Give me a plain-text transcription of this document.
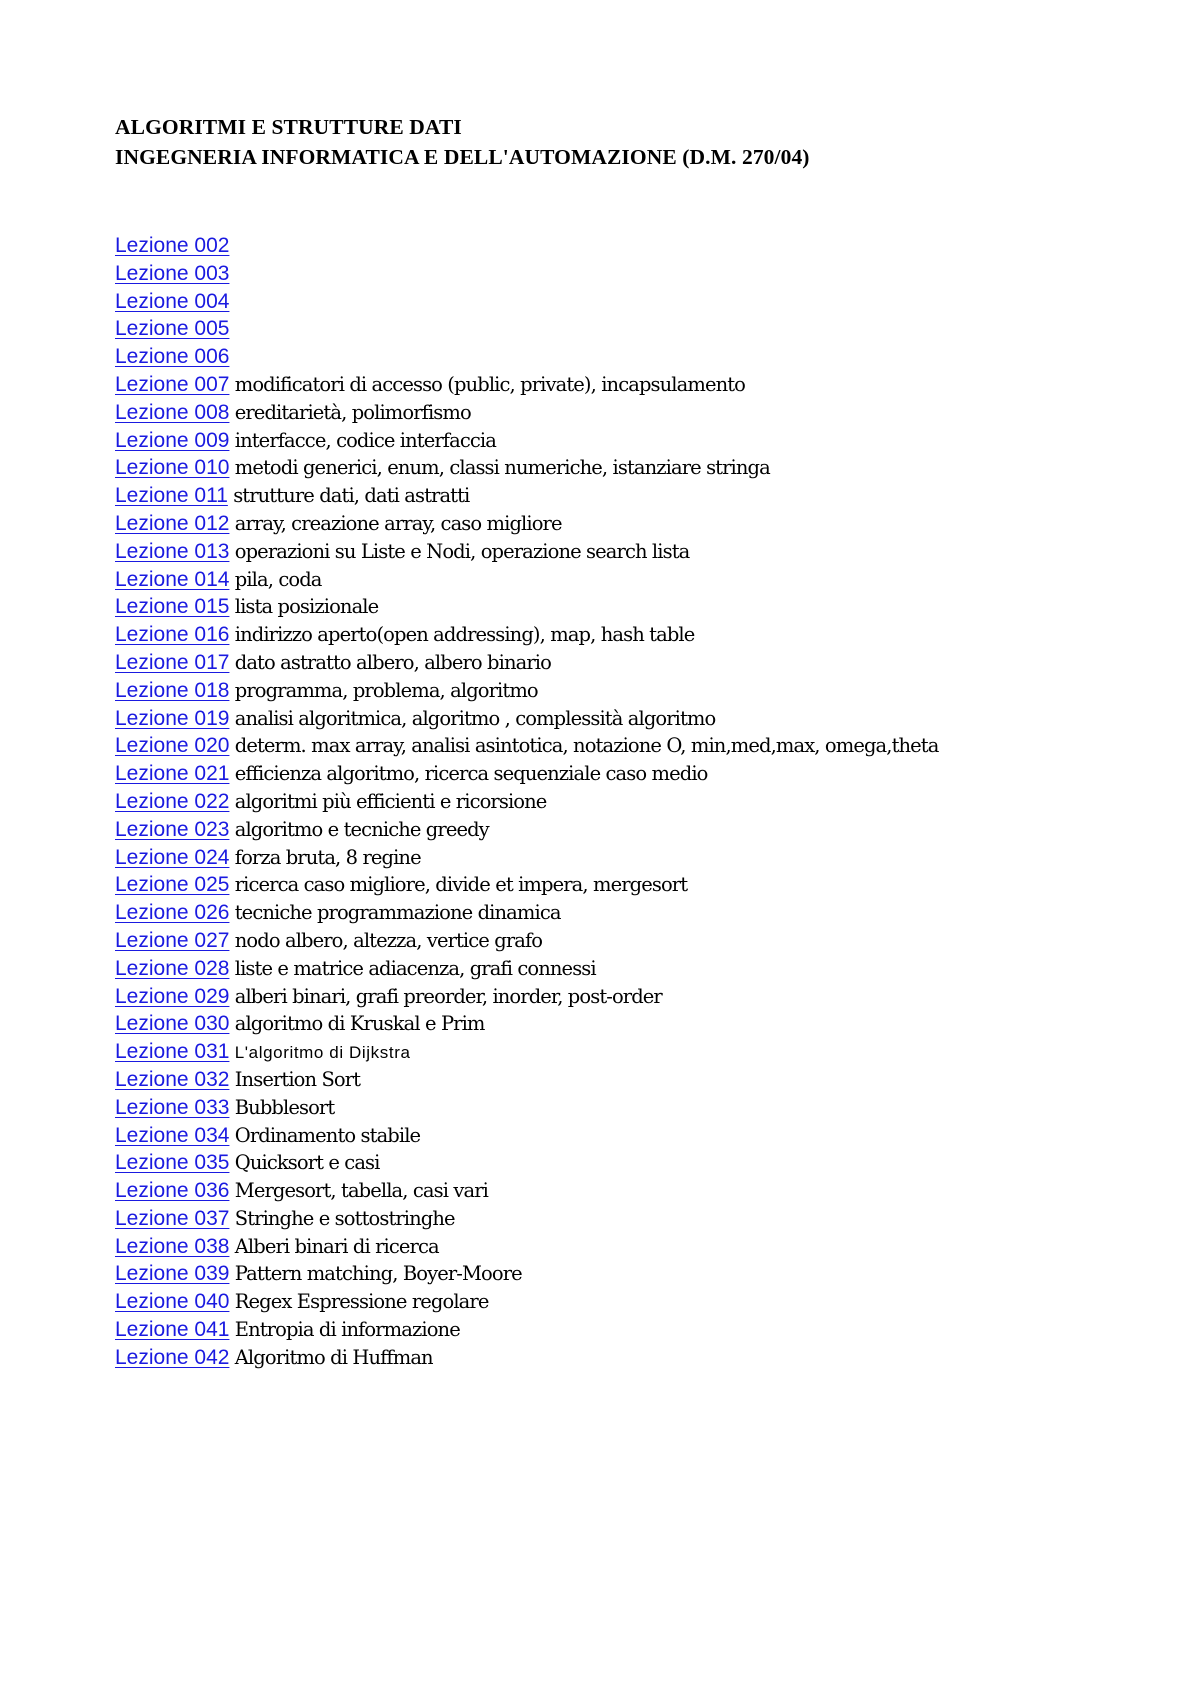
ALGORITMI E STRUTTURE DATI
INGEGNERIA INFORMATICA E DELL'AUTOMAZIONE (D.M. 270/04)
Lezione 002
Lezione 003
Lezione 004
Lezione 005
Lezione 006
Lezione 007 modificatori di accesso (public, private), incapsulamento
Lezione 008 ereditarietà, polimorfismo
Lezione 009 interfacce, codice interfaccia
Lezione 010 metodi generici, enum, classi numeriche, istanziare stringa
Lezione 011 strutture dati, dati astratti
Lezione 012 array, creazione array, caso migliore
Lezione 013 operazioni su Liste e Nodi, operazione search lista
Lezione 014 pila, coda
Lezione 015 lista posizionale
Lezione 016 indirizzo aperto(open addressing), map, hash table
Lezione 017 dato astratto albero, albero binario
Lezione 018 programma, problema, algoritmo
Lezione 019 analisi algoritmica, algoritmo , complessità algoritmo
Lezione 020 determ. max array, analisi asintotica, notazione O, min,med,max, omega,theta
Lezione 021 efficienza algoritmo, ricerca sequenziale caso medio
Lezione 022 algoritmi più efficienti e ricorsione
Lezione 023 algoritmo e tecniche greedy
Lezione 024 forza bruta, 8 regine
Lezione 025 ricerca caso migliore, divide et impera, mergesort
Lezione 026 tecniche programmazione dinamica
Lezione 027 nodo albero, altezza, vertice grafo
Lezione 028 liste e matrice adiacenza, grafi connessi
Lezione 029 alberi binari, grafi preorder, inorder, post-order
Lezione 030 algoritmo di Kruskal e Prim
Lezione 031 L'algoritmo di Dijkstra
Lezione 032 Insertion Sort
Lezione 033 Bubblesort
Lezione 034 Ordinamento stabile
Lezione 035 Quicksort e casi
Lezione 036 Mergesort, tabella, casi vari
Lezione 037 Stringhe e sottostringhe
Lezione 038 Alberi binari di ricerca
Lezione 039 Pattern matching, Boyer-Moore
Lezione 040 Regex Espressione regolare
Lezione 041 Entropia di informazione
Lezione 042 Algoritmo di Huffman
